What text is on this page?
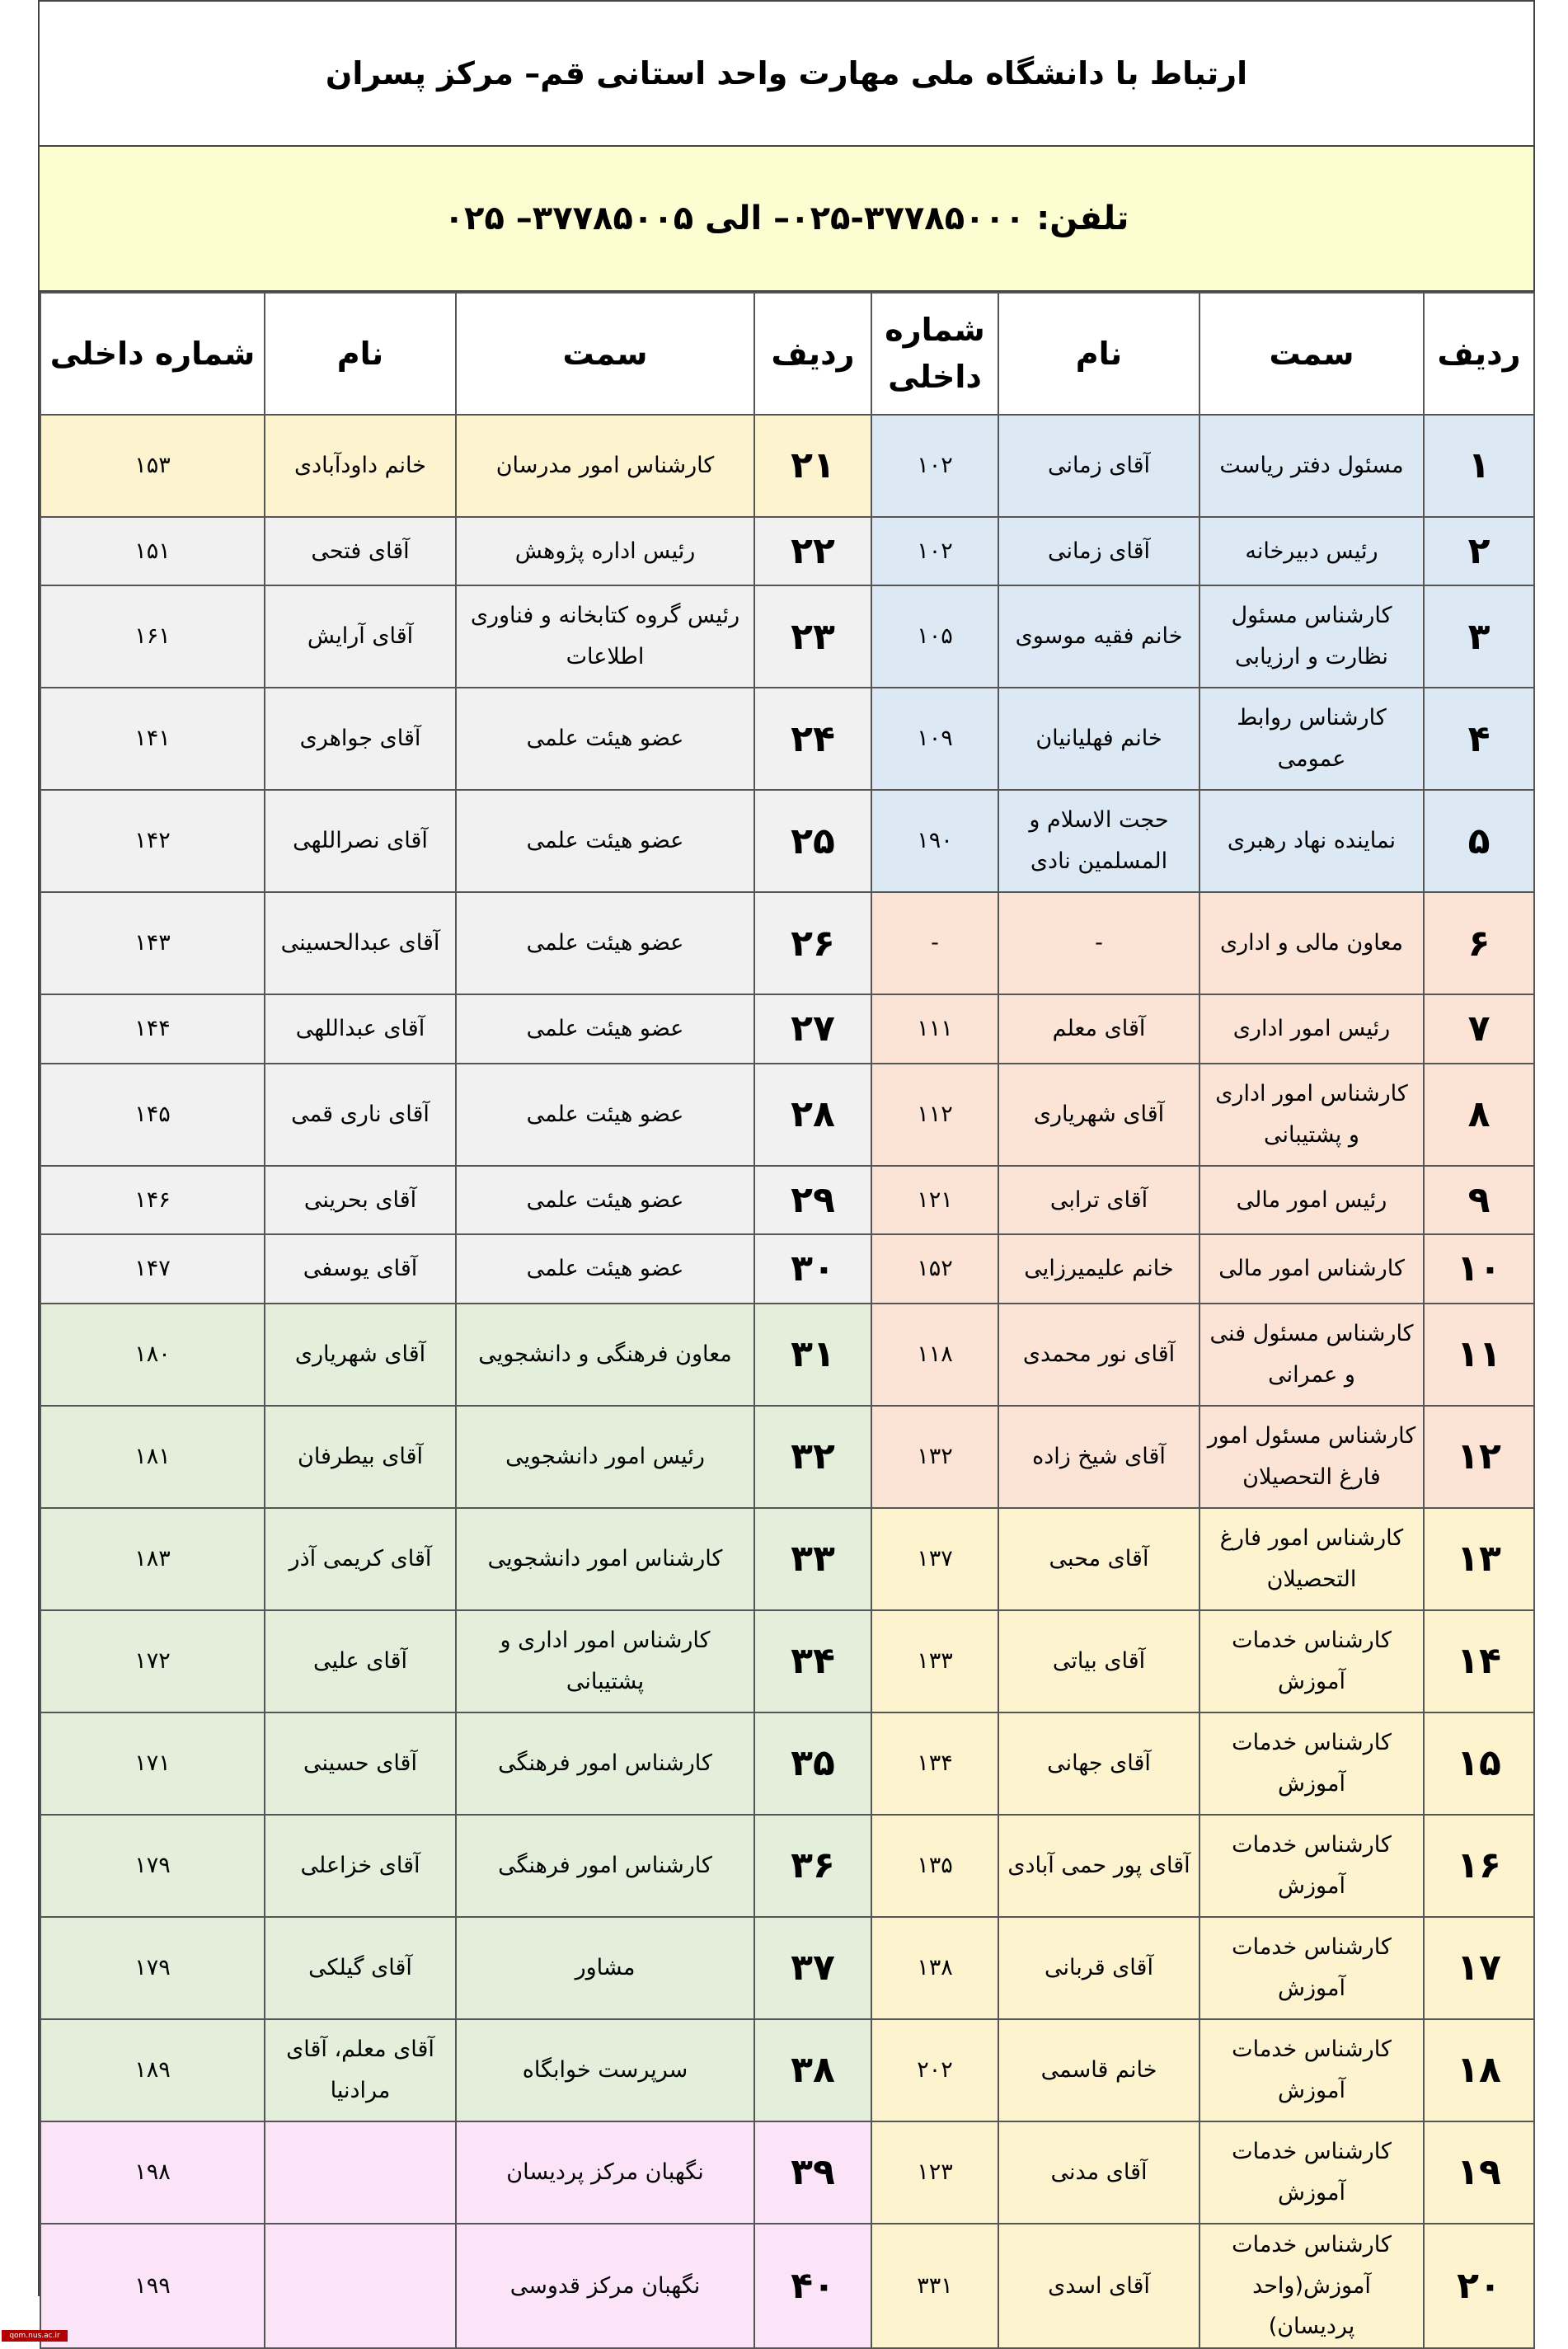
ارتباط با دانشگاه ملی مهارت واحد استانی قم– مرکز پسران
تلفن: ۳۷۷۸۵۰۰۰-۰۲۵– الی ۳۷۷۸۵۰۰۵– ۰۲۵
ردیف	سمت	نام	شماره داخلی	ردیف	سمت	نام	شماره داخلی
۱	مسئول دفتر ریاست	آقای زمانی	۱۰۲	۲۱	کارشناس امور مدرسان	خانم داودآبادی	۱۵۳
۲	رئیس دبیرخانه	آقای زمانی	۱۰۲	۲۲	رئیس اداره پژوهش	آقای فتحی	۱۵۱
۳	کارشناس مسئول نظارت و ارزیابی	خانم فقیه موسوی	۱۰۵	۲۳	رئیس گروه کتابخانه و فناوری اطلاعات	آقای آرایش	۱۶۱
۴	کارشناس روابط عمومی	خانم فهلیانیان	۱۰۹	۲۴	عضو هیئت علمی	آقای جواهری	۱۴۱
۵	نماینده نهاد رهبری	حجت الاسلام و المسلمین نادی	۱۹۰	۲۵	عضو هیئت علمی	آقای نصراللهی	۱۴۲
۶	معاون مالی و اداری	-	-	۲۶	عضو هیئت علمی	آقای عبدالحسینی	۱۴۳
۷	رئیس امور اداری	آقای معلم	۱۱۱	۲۷	عضو هیئت علمی	آقای عبداللهی	۱۴۴
۸	کارشناس امور اداری و پشتیبانی	آقای شهریاری	۱۱۲	۲۸	عضو هیئت علمی	آقای ناری قمی	۱۴۵
۹	رئیس امور مالی	آقای ترابی	۱۲۱	۲۹	عضو هیئت علمی	آقای بحرینی	۱۴۶
۱۰	کارشناس امور مالی	خانم علیمیرزایی	۱۵۲	۳۰	عضو هیئت علمی	آقای یوسفی	۱۴۷
۱۱	کارشناس مسئول فنی و عمرانی	آقای نور محمدی	۱۱۸	۳۱	معاون فرهنگی و دانشجویی	آقای شهریاری	۱۸۰
۱۲	کارشناس مسئول امور فارغ التحصیلان	آقای شیخ زاده	۱۳۲	۳۲	رئیس امور دانشجویی	آقای بیطرفان	۱۸۱
۱۳	کارشناس امور فارغ التحصیلان	آقای محبی	۱۳۷	۳۳	کارشناس امور دانشجویی	آقای کریمی آذر	۱۸۳
۱۴	کارشناس خدمات آموزش	آقای بیاتی	۱۳۳	۳۴	کارشناس امور اداری و پشتیبانی	آقای علیی	۱۷۲
۱۵	کارشناس خدمات آموزش	آقای جهانی	۱۳۴	۳۵	کارشناس امور فرهنگی	آقای حسینی	۱۷۱
۱۶	کارشناس خدمات آموزش	آقای پور حمی آبادی	۱۳۵	۳۶	کارشناس امور فرهنگی	آقای خزاعلی	۱۷۹
۱۷	کارشناس خدمات آموزش	آقای قربانی	۱۳۸	۳۷	مشاور	آقای گیلکی	۱۷۹
۱۸	کارشناس خدمات آموزش	خانم قاسمی	۲۰۲	۳۸	سرپرست خوابگاه	آقای معلم، آقای مرادنیا	۱۸۹
۱۹	کارشناس خدمات آموزش	آقای مدنی	۱۲۳	۳۹	نگهبان مرکز پردیسان		۱۹۸
۲۰	کارشناس خدمات آموزش(واحد پردیسان)	آقای اسدی	۳۳۱	۴۰	نگهبان مرکز قدوسی		۱۹۹
qom.nus.ac.ir
